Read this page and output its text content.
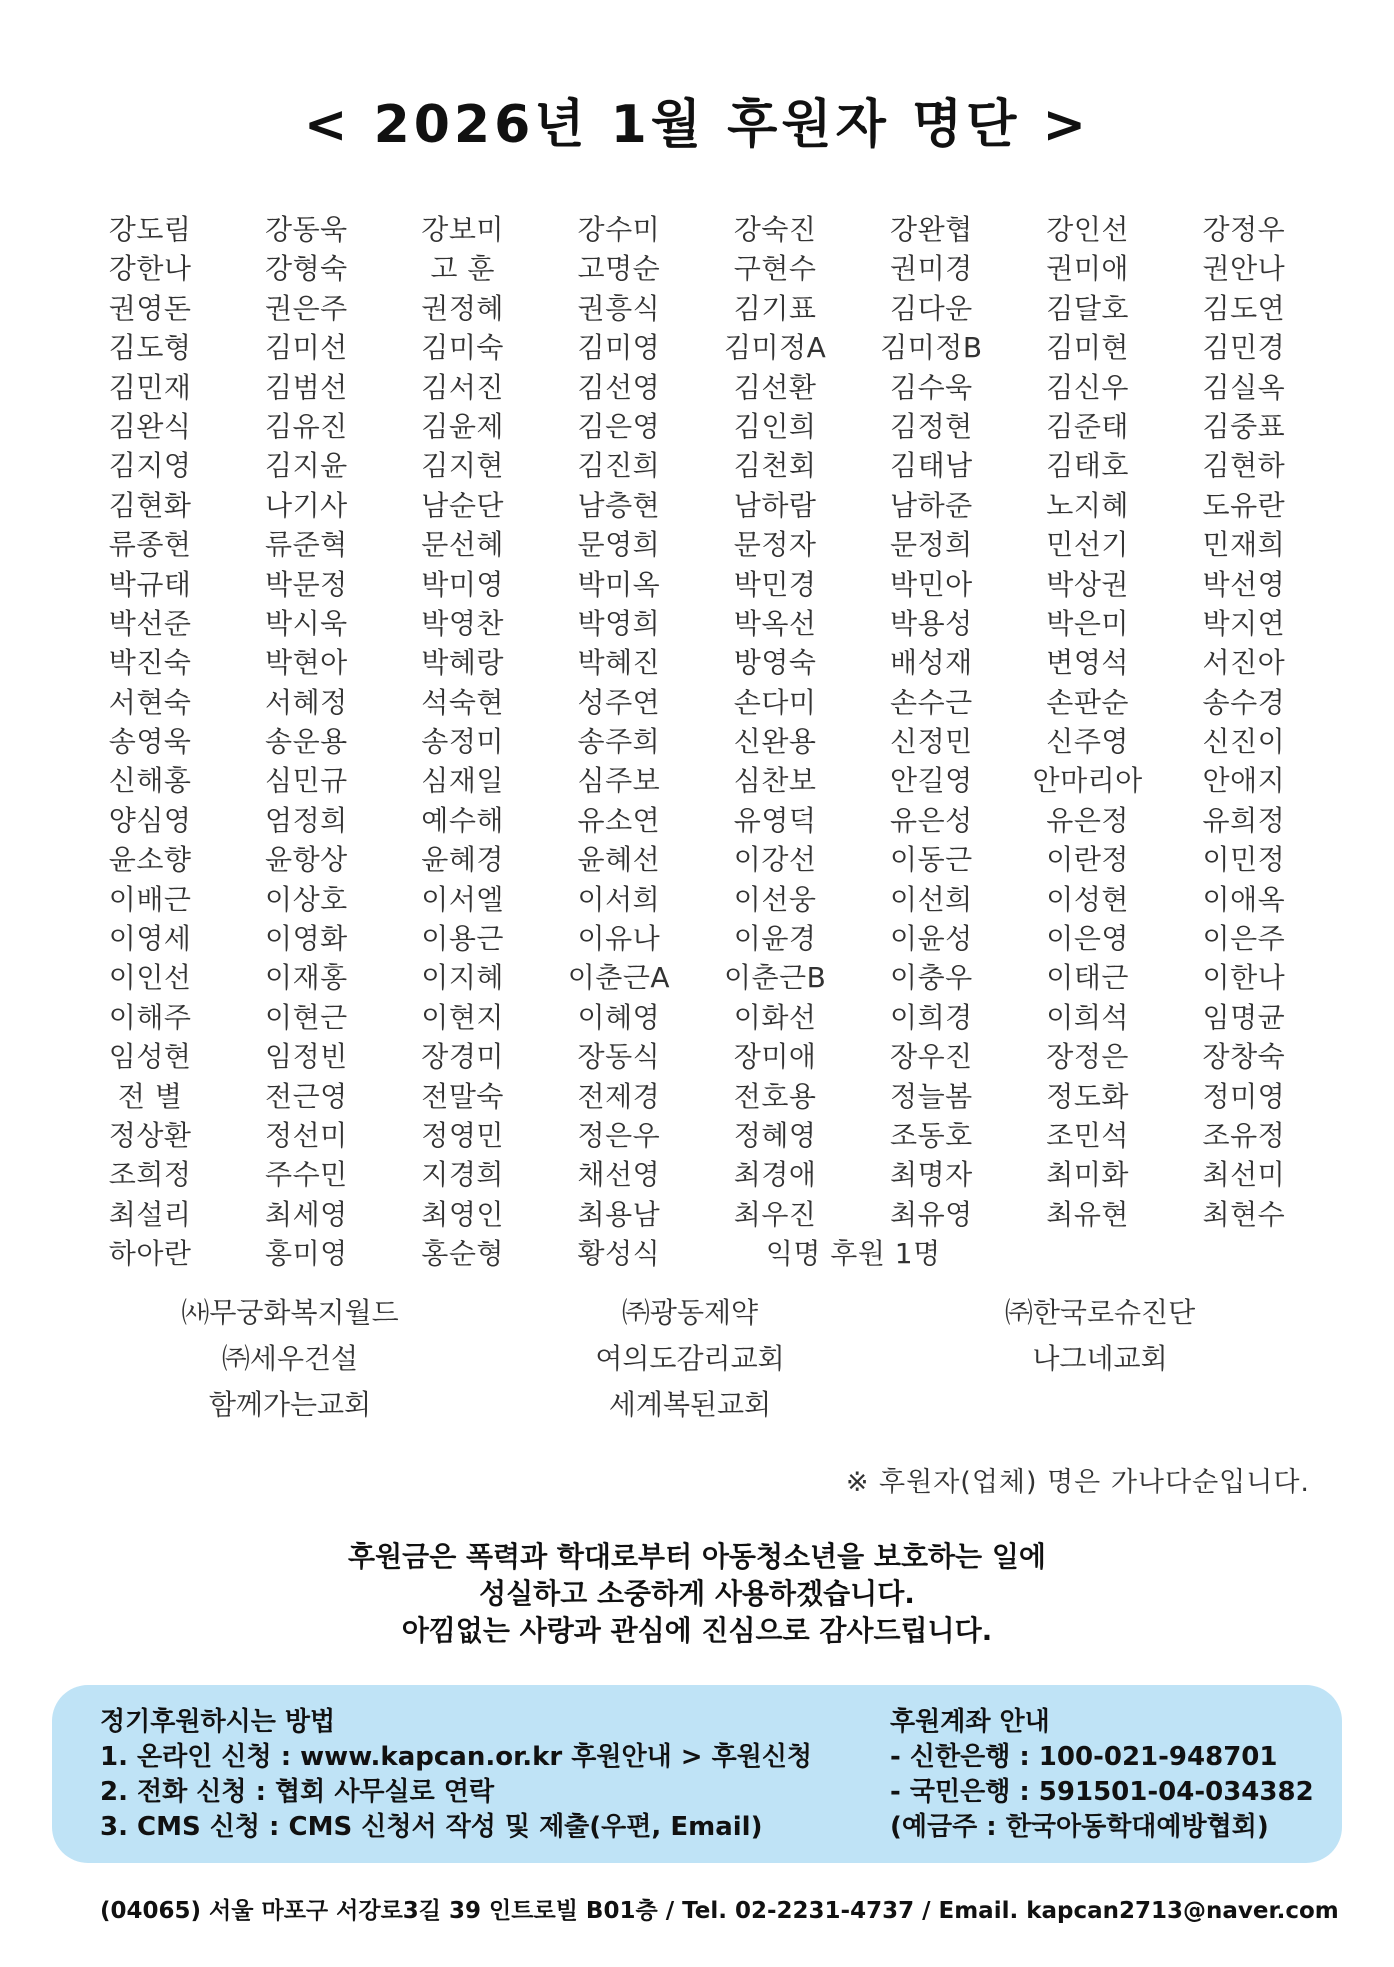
< 2026년 1월 후원자 명단 >
강도림	강동욱	강보미	강수미	강숙진	강완협	강인선	강정우
강한나	강형숙	고 훈	고명순	구현수	권미경	권미애	권안나
권영돈	권은주	권정혜	권흥식	김기표	김다운	김달호	김도연
김도형	김미선	김미숙	김미영	김미정A	김미정B	김미현	김민경
김민재	김범선	김서진	김선영	김선환	김수욱	김신우	김실옥
김완식	김유진	김윤제	김은영	김인희	김정현	김준태	김중표
김지영	김지윤	김지현	김진희	김천회	김태남	김태호	김현하
김현화	나기사	남순단	남층현	남하람	남하준	노지혜	도유란
류종현	류준혁	문선혜	문영희	문정자	문정희	민선기	민재희
박규태	박문정	박미영	박미옥	박민경	박민아	박상권	박선영
박선준	박시욱	박영찬	박영희	박옥선	박용성	박은미	박지연
박진숙	박현아	박혜랑	박혜진	방영숙	배성재	변영석	서진아
서현숙	서혜정	석숙현	성주연	손다미	손수근	손판순	송수경
송영욱	송운용	송정미	송주희	신완용	신정민	신주영	신진이
신해홍	심민규	심재일	심주보	심찬보	안길영	안마리아	안애지
양심영	엄정희	예수해	유소연	유영덕	유은성	유은정	유희정
윤소향	윤항상	윤혜경	윤혜선	이강선	이동근	이란정	이민정
이배근	이상호	이서엘	이서희	이선웅	이선희	이성현	이애옥
이영세	이영화	이용근	이유나	이윤경	이윤성	이은영	이은주
이인선	이재홍	이지혜	이춘근A	이춘근B	이충우	이태근	이한나
이해주	이현근	이현지	이혜영	이화선	이희경	이희석	임명균
임성현	임정빈	장경미	장동식	장미애	장우진	장정은	장창숙
전 별	전근영	전말숙	전제경	전호용	정늘봄	정도화	정미영
정상환	정선미	정영민	정은우	정혜영	조동호	조민석	조유정
조희정	주수민	지경희	채선영	최경애	최명자	최미화	최선미
최설리	최세영	최영인	최용남	최우진	최유영	최유현	최현수
하아란	홍미영	홍순형	황성식	익명 후원 1명
㈔무궁화복지월드	㈜광동제약	㈜한국로슈진단
㈜세우건설	여의도감리교회	나그네교회
함께가는교회	세계복된교회
※ 후원자(업체) 명은 가나다순입니다.
후원금은 폭력과 학대로부터 아동청소년을 보호하는 일에
성실하고 소중하게 사용하겠습니다.
아낌없는 사랑과 관심에 진심으로 감사드립니다.
정기후원하시는 방법
1. 온라인 신청 : www.kapcan.or.kr 후원안내 > 후원신청
2. 전화 신청 : 협회 사무실로 연락
3. CMS 신청 : CMS 신청서 작성 및 제출(우편, Email)
후원계좌 안내
- 신한은행 : 100-021-948701
- 국민은행 : 591501-04-034382
(예금주 : 한국아동학대예방협회)
(04065) 서울 마포구 서강로3길 39 인트로빌 B01층 / Tel. 02-2231-4737 / Email. kapcan2713@naver.com
